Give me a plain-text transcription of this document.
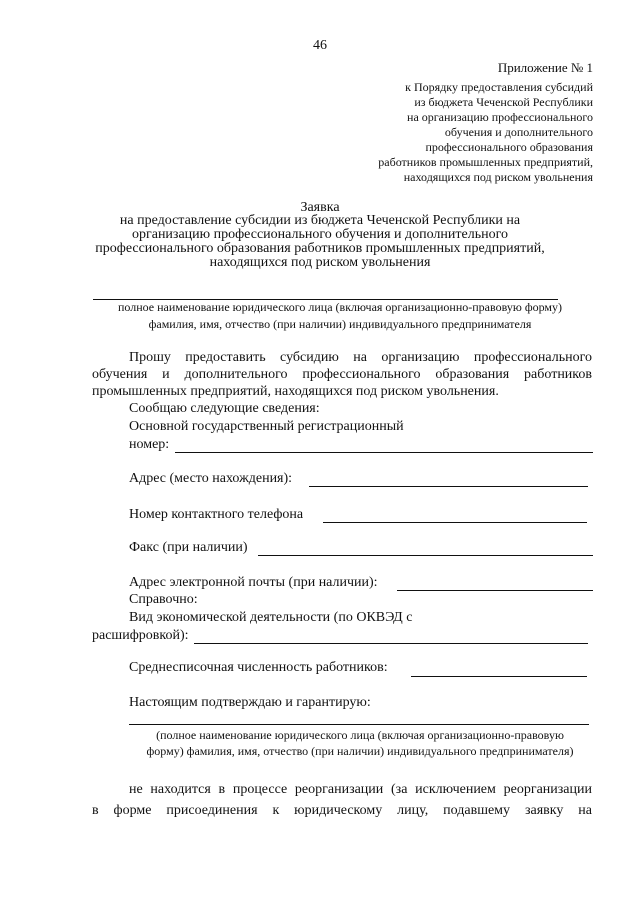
46
Приложение № 1
к Порядку предоставления субсидий
из бюджета Чеченской Республики
на организацию профессионального
обучения и дополнительного
профессионального образования
работников промышленных предприятий,
находящихся под риском увольнения
Заявка
на предоставление субсидии из бюджета Чеченской Республики на
организацию профессионального обучения и дополнительного
профессионального образования работников промышленных предприятий,
находящихся под риском увольнения
полное наименование юридического лица (включая организационно-правовую форму)
фамилия, имя, отчество (при наличии) индивидуального предпринимателя
Прошу предоставить субсидию на организацию профессионального
обучения и дополнительного профессионального образования работников
промышленных предприятий, находящихся под риском увольнения.
Сообщаю следующие сведения:
Основной государственный регистрационный
номер:
Адрес (место нахождения):
Номер контактного телефона
Факс (при наличии)
Адрес электронной почты (при наличии):
Справочно:
Вид экономической деятельности (по ОКВЭД с
расшифровкой):
Среднесписочная численность работников:
Настоящим подтверждаю и гарантирую:
(полное наименование юридического лица (включая организационно-правовую
форму) фамилия, имя, отчество (при наличии) индивидуального предпринимателя)
не находится в процессе реорганизации (за исключением реорганизации
в форме присоединения к юридическому лицу, подавшему заявку на
